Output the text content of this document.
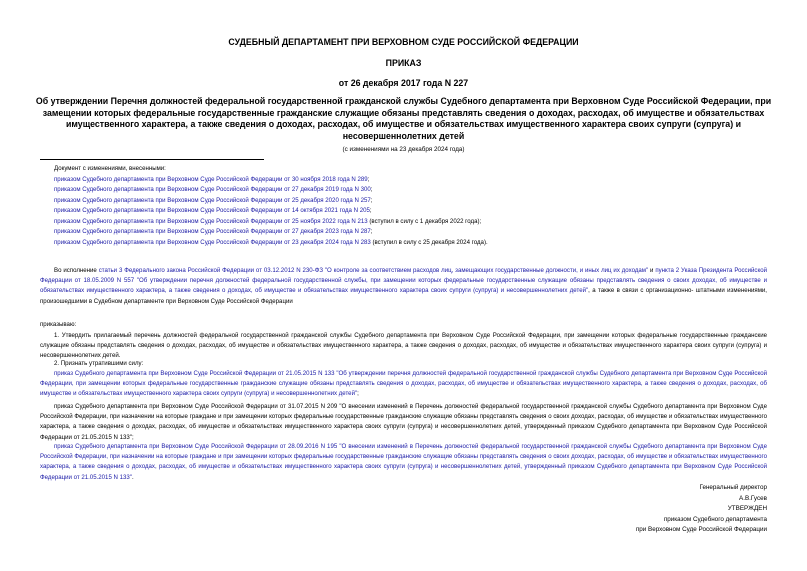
СУДЕБНЫЙ ДЕПАРТАМЕНТ ПРИ ВЕРХОВНОМ СУДЕ РОССИЙСКОЙ ФЕДЕРАЦИИ
ПРИКАЗ
от 26 декабря 2017 года N 227
Об утверждении Перечня должностей федеральной государственной гражданской службы Судебного департамента при Верховном Суде Российской Федерации, при замещении которых федеральные государственные гражданские служащие обязаны представлять сведения о доходах, расходах, об имуществе и обязательствах имущественного характера, а также сведения о доходах, расходах, об имуществе и обязательствах имущественного характера своих супруги (супруга) и несовершеннолетних детей
(с изменениями на 23 декабря 2024 года)
Документ с изменениями, внесенными:
приказом Судебного департамента при Верховном Суде Российской Федерации от 30 ноября 2018 года N 289;
приказом Судебного департамента при Верховном Суде Российской Федерации от 27 декабря 2019 года N 300;
приказом Судебного департамента при Верховном Суде Российской Федерации от 25 декабря 2020 года N 257;
приказом Судебного департамента при Верховном Суде Российской Федерации от 14 октября 2021 года N 205;
приказом Судебного департамента при Верховном Суде Российской Федерации от 25 ноября 2022 года N 213 (вступил в силу с 1 декабря 2022 года);
приказом Судебного департамента при Верховном Суде Российской Федерации от 27 декабря 2023 года N 287;
приказом Судебного департамента при Верховном Суде Российской Федерации от 23 декабря 2024 года N 283 (вступил в силу с 25 декабря 2024 года).
Во исполнение статьи 3 Федерального закона Российской Федерации от 03.12.2012 N 230-ФЗ "О контроле за соответствием расходов лиц, замещающих государственные должности, и иных лиц их доходам" и пункта 2 Указа Президента Российской Федерации от 18.05.2009 N 557 "Об утверждении перечня должностей федеральной государственной службы, при замещении которых федеральные государственные служащие обязаны представлять сведения о своих доходах, об имуществе и обязательствах имущественного характера, а также сведения о доходах, об имуществе и обязательствах имущественного характера своих супруги (супруга) и несовершеннолетних детей", а также в связи с организационно- штатными изменениями, произошедшими в Судебном департаменте при Верховном Суде Российской Федерации
приказываю:
1. Утвердить прилагаемый перечень должностей федеральной государственной гражданской службы Судебного департамента при Верховном Суде Российской Федерации, при замещении которых федеральные государственные гражданские служащие обязаны представлять сведения о доходах, расходах, об имуществе и обязательствах имущественного характера, а также сведения о доходах, расходах, об имуществе и обязательствах имущественного характера своих супруги (супруга) и несовершеннолетних детей.
2. Признать утратившими силу:
приказ Судебного департамента при Верховном Суде Российской Федерации от 21.05.2015 N 133 "Об утверждении перечня должностей федеральной государственной гражданской службы Судебного департамента при Верховном Суде Российской Федерации, при замещении которых федеральные государственные гражданские служащие обязаны представлять сведения о доходах, расходах, об имуществе и обязательствах имущественного характера, а также сведения о доходах, расходах, об имуществе и обязательствах имущественного характера своих супруги (супруга) и несовершеннолетних детей";
приказ Судебного департамента при Верховном Суде Российской Федерации от 31.07.2015 N 209 "О внесении изменений в Перечень должностей федеральной государственной гражданской службы Судебного департамента при Верховном Суде Российской Федерации, при назначении на которые граждане и при замещении которых федеральные государственные гражданские служащие обязаны представлять сведения о своих доходах, расходах, об имуществе и обязательствах имущественного характера, а также сведения о доходах, расходах, об имуществе и обязательствах имущественного характера своих супруги (супруга) и несовершеннолетних детей, утвержденный приказом Судебного департамента при Верховном Суде Российской Федерации от 21.05.2015 N 133";
приказ Судебного департамента при Верховном Суде Российской Федерации от 28.09.2016 N 195 "О внесении изменений в Перечень должностей федеральной государственной гражданской службы Судебного департамента при Верховном Суде Российской Федерации, при назначении на которые граждане и при замещении которых федеральные государственные гражданские служащие обязаны представлять сведения о своих доходах, расходах, об имуществе и обязательствах имущественного характера, а также сведения о доходах, расходах, об имуществе и обязательствах имущественного характера своих супруги (супруга) и несовершеннолетних детей, утвержденный приказом Судебного департамента при Верховном Суде Российской Федерации от 21.05.2015 N 133".
Генеральный директор
А.В.Гусев
УТВЕРЖДЕН
приказом Судебного департамента
при Верховном Суде Российской Федерации
